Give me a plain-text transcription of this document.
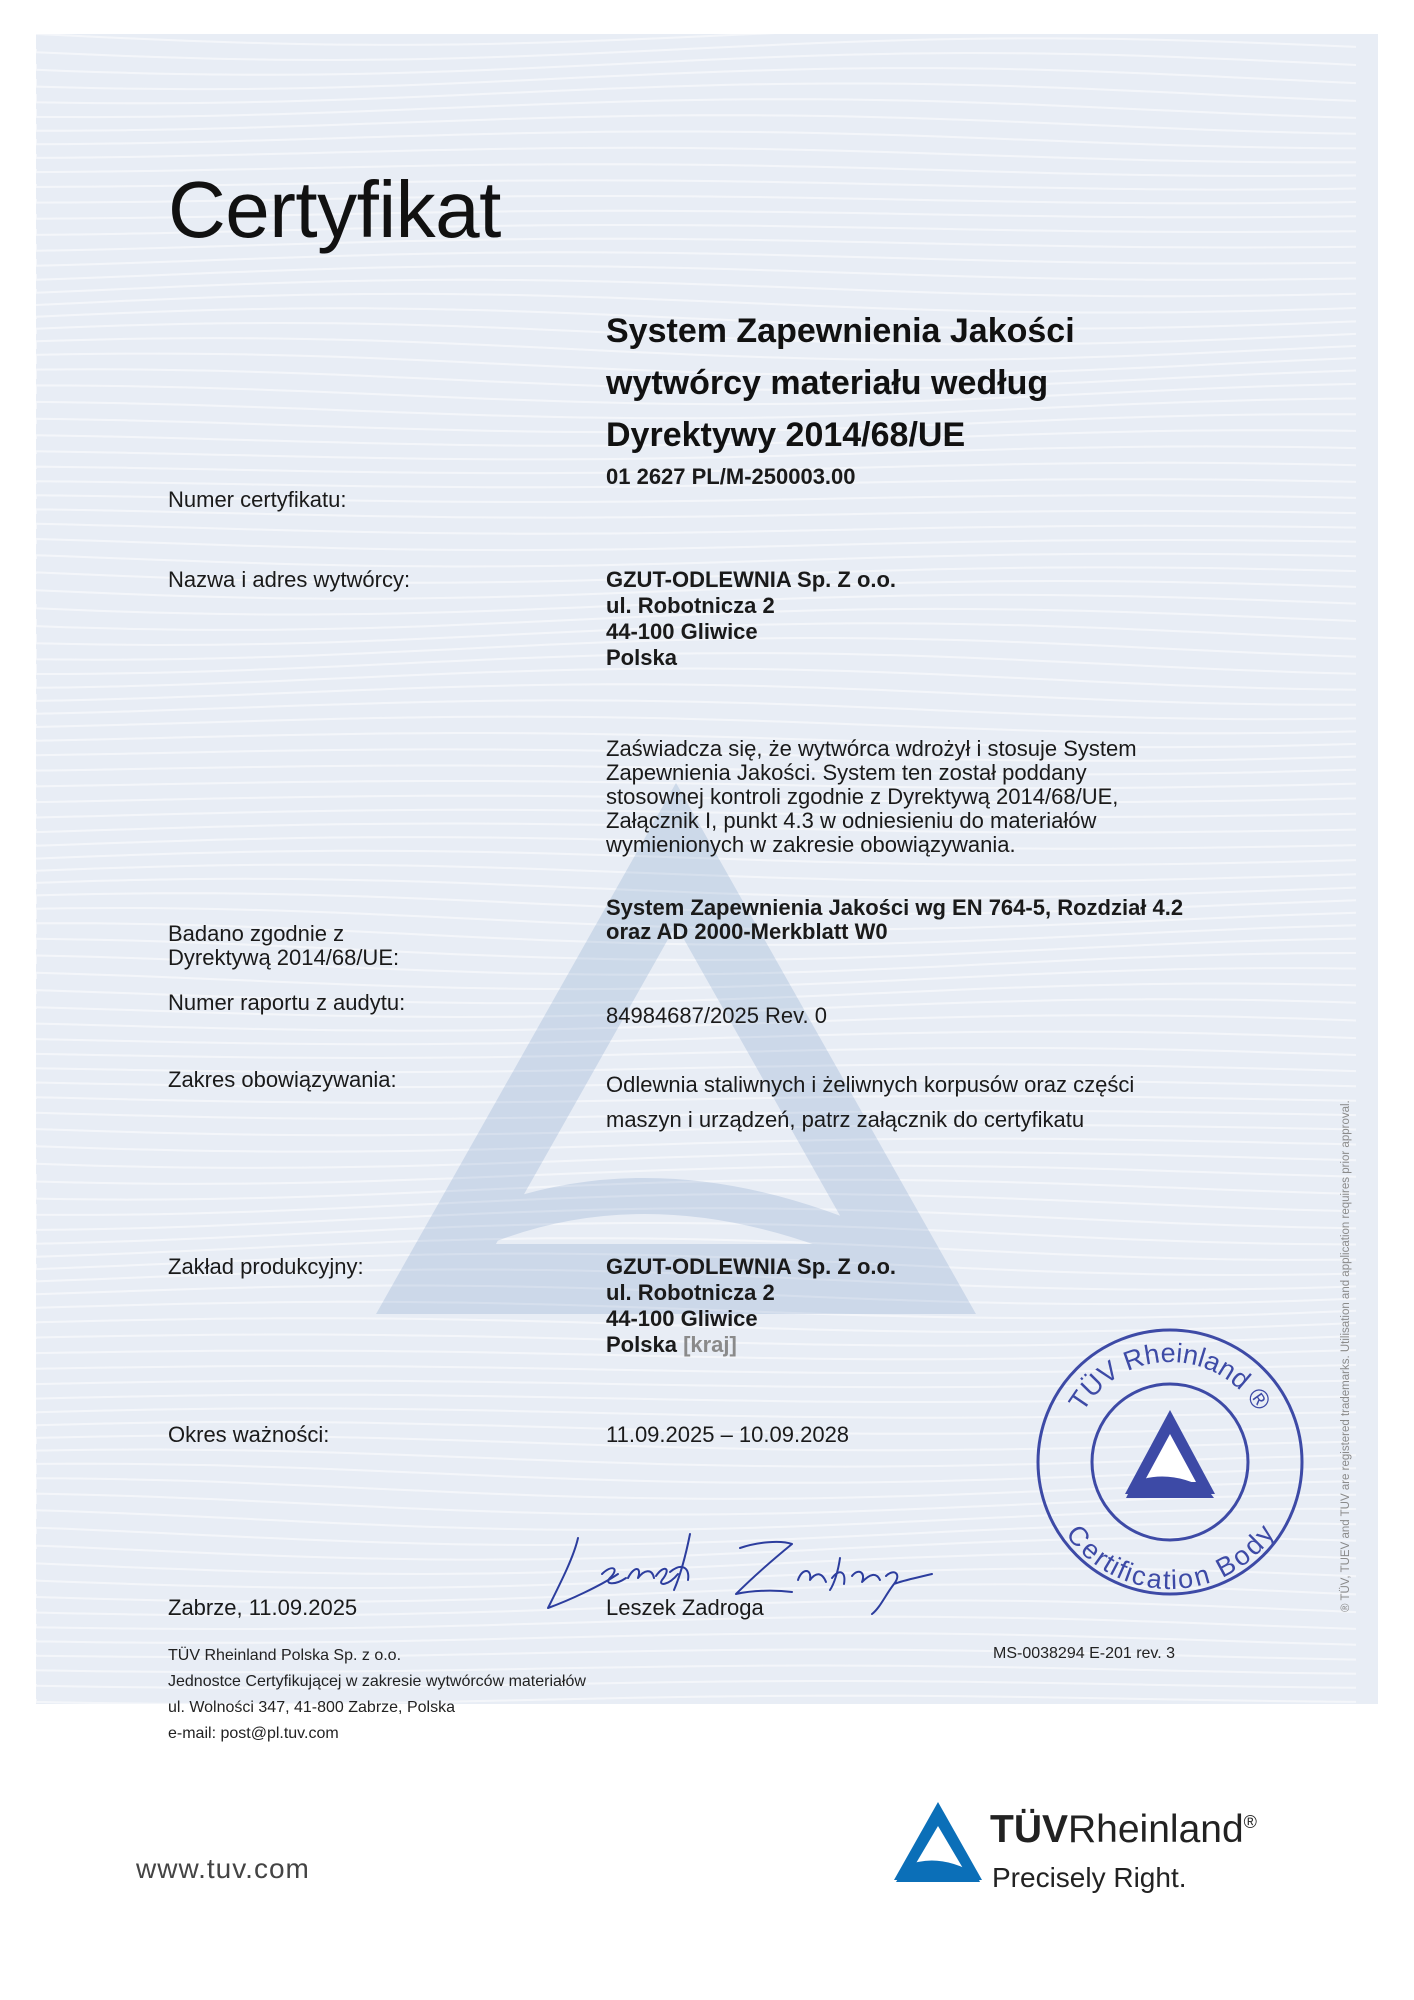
Certyfikat
System Zapewnienia Jakości
wytwórcy materiału według
Dyrektywy 2014/68/UE
Numer certyfikatu:
01 2627 PL/M-250003.00
Nazwa i adres wytwórcy:	GZUT-ODLEWNIA Sp. Z o.o.
ul. Robotnicza 2
44-100 Gliwice
Polska
Zaświadcza się, że wytwórca wdrożył i stosuje System
Zapewnienia Jakości. System ten został poddany
stosownej kontroli zgodnie z Dyrektywą 2014/68/UE,
Załącznik I, punkt 4.3 w odniesieniu do materiałów
wymienionych w zakresie obowiązywania.
Badano zgodnie z
Dyrektywą 2014/68/UE:
System Zapewnienia Jakości wg EN 764-5, Rozdział 4.2
oraz AD 2000-Merkblatt W0
Numer raportu z audytu:
84984687/2025 Rev. 0
Zakres obowiązywania:	Odlewnia staliwnych i żeliwnych korpusów oraz części
maszyn i urządzeń, patrz załącznik do certyfikatu
Zakład produkcyjny:	GZUT-ODLEWNIA Sp. Z o.o.
ul. Robotnicza 2
44-100 Gliwice
Polska [kraj]
Okres ważności:	11.09.2025 – 10.09.2028
Zabrze, 11.09.2025	Leszek Zadroga
TÜV Rheinland Polska Sp. z o.o.
Jednostce Certyfikującej w zakresie wytwórców materiałów
ul. Wolności 347, 41-800 Zabrze, Polska
e-mail: post@pl.tuv.com
MS-0038294 E-201 rev. 3
® TÜV, TUEV and TUV are registered trademarks. Utilisation and application requires prior approval.
TÜV Rheinland ®
Certification Body
www.tuv.com
TÜVRheinland®
Precisely Right.
